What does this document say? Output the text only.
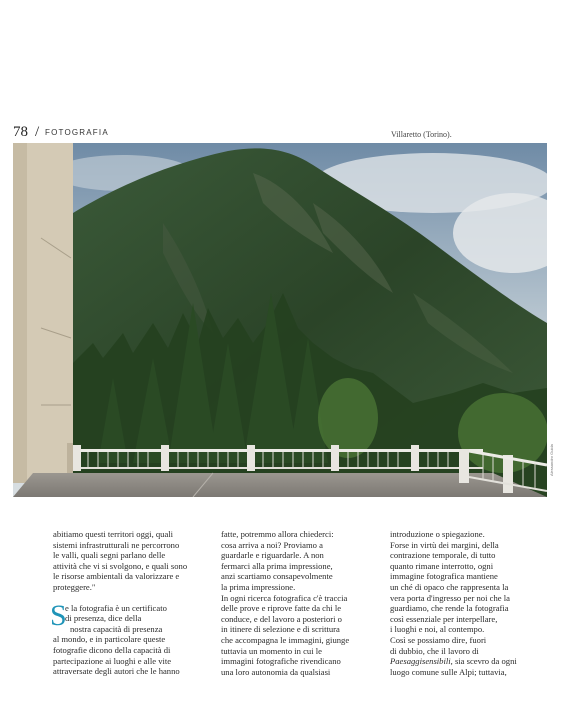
78 / FOTOGRAFIA	Villaretto (Torino).
Alessandro Guida
abitiamo questi territori oggi, quali
sistemi infrastrutturali ne percorrono
le valli, quali segni parlano delle
attività che vi si svolgono, e quali sono
le risorse ambientali da valorizzare e
proteggere."
S
e la fotografia è un certificato
di presenza, dice della
nostra capacità di presenza
al mondo, e in particolare queste
fotografie dicono della capacità di
partecipazione ai luoghi e alle vite
attraversate degli autori che le hanno
fatte, potremmo allora chiederci:
cosa arriva a noi? Proviamo a
guardarle e riguardarle. A non
fermarci alla prima impressione,
anzi scartiamo consapevolmente
la prima impressione.
In ogni ricerca fotografica c'è traccia
delle prove e riprove fatte da chi le
conduce, e del lavoro a posteriori o
in itinere di selezione e di scrittura
che accompagna le immagini, giunge
tuttavia un momento in cui le
immagini fotografiche rivendicano
una loro autonomia da qualsiasi
introduzione o spiegazione.
Forse in virtù dei margini, della
contrazione temporale, di tutto
quanto rimane interrotto, ogni
immagine fotografica mantiene
un ché di opaco che rappresenta la
vera porta d'ingresso per noi che la
guardiamo, che rende la fotografia
così essenziale per interpellare,
i luoghi e noi, al contempo.
Così se possiamo dire, fuori
di dubbio, che il lavoro di
Paesaggisensibili, sia scevro da ogni
luogo comune sulle Alpi; tuttavia,
